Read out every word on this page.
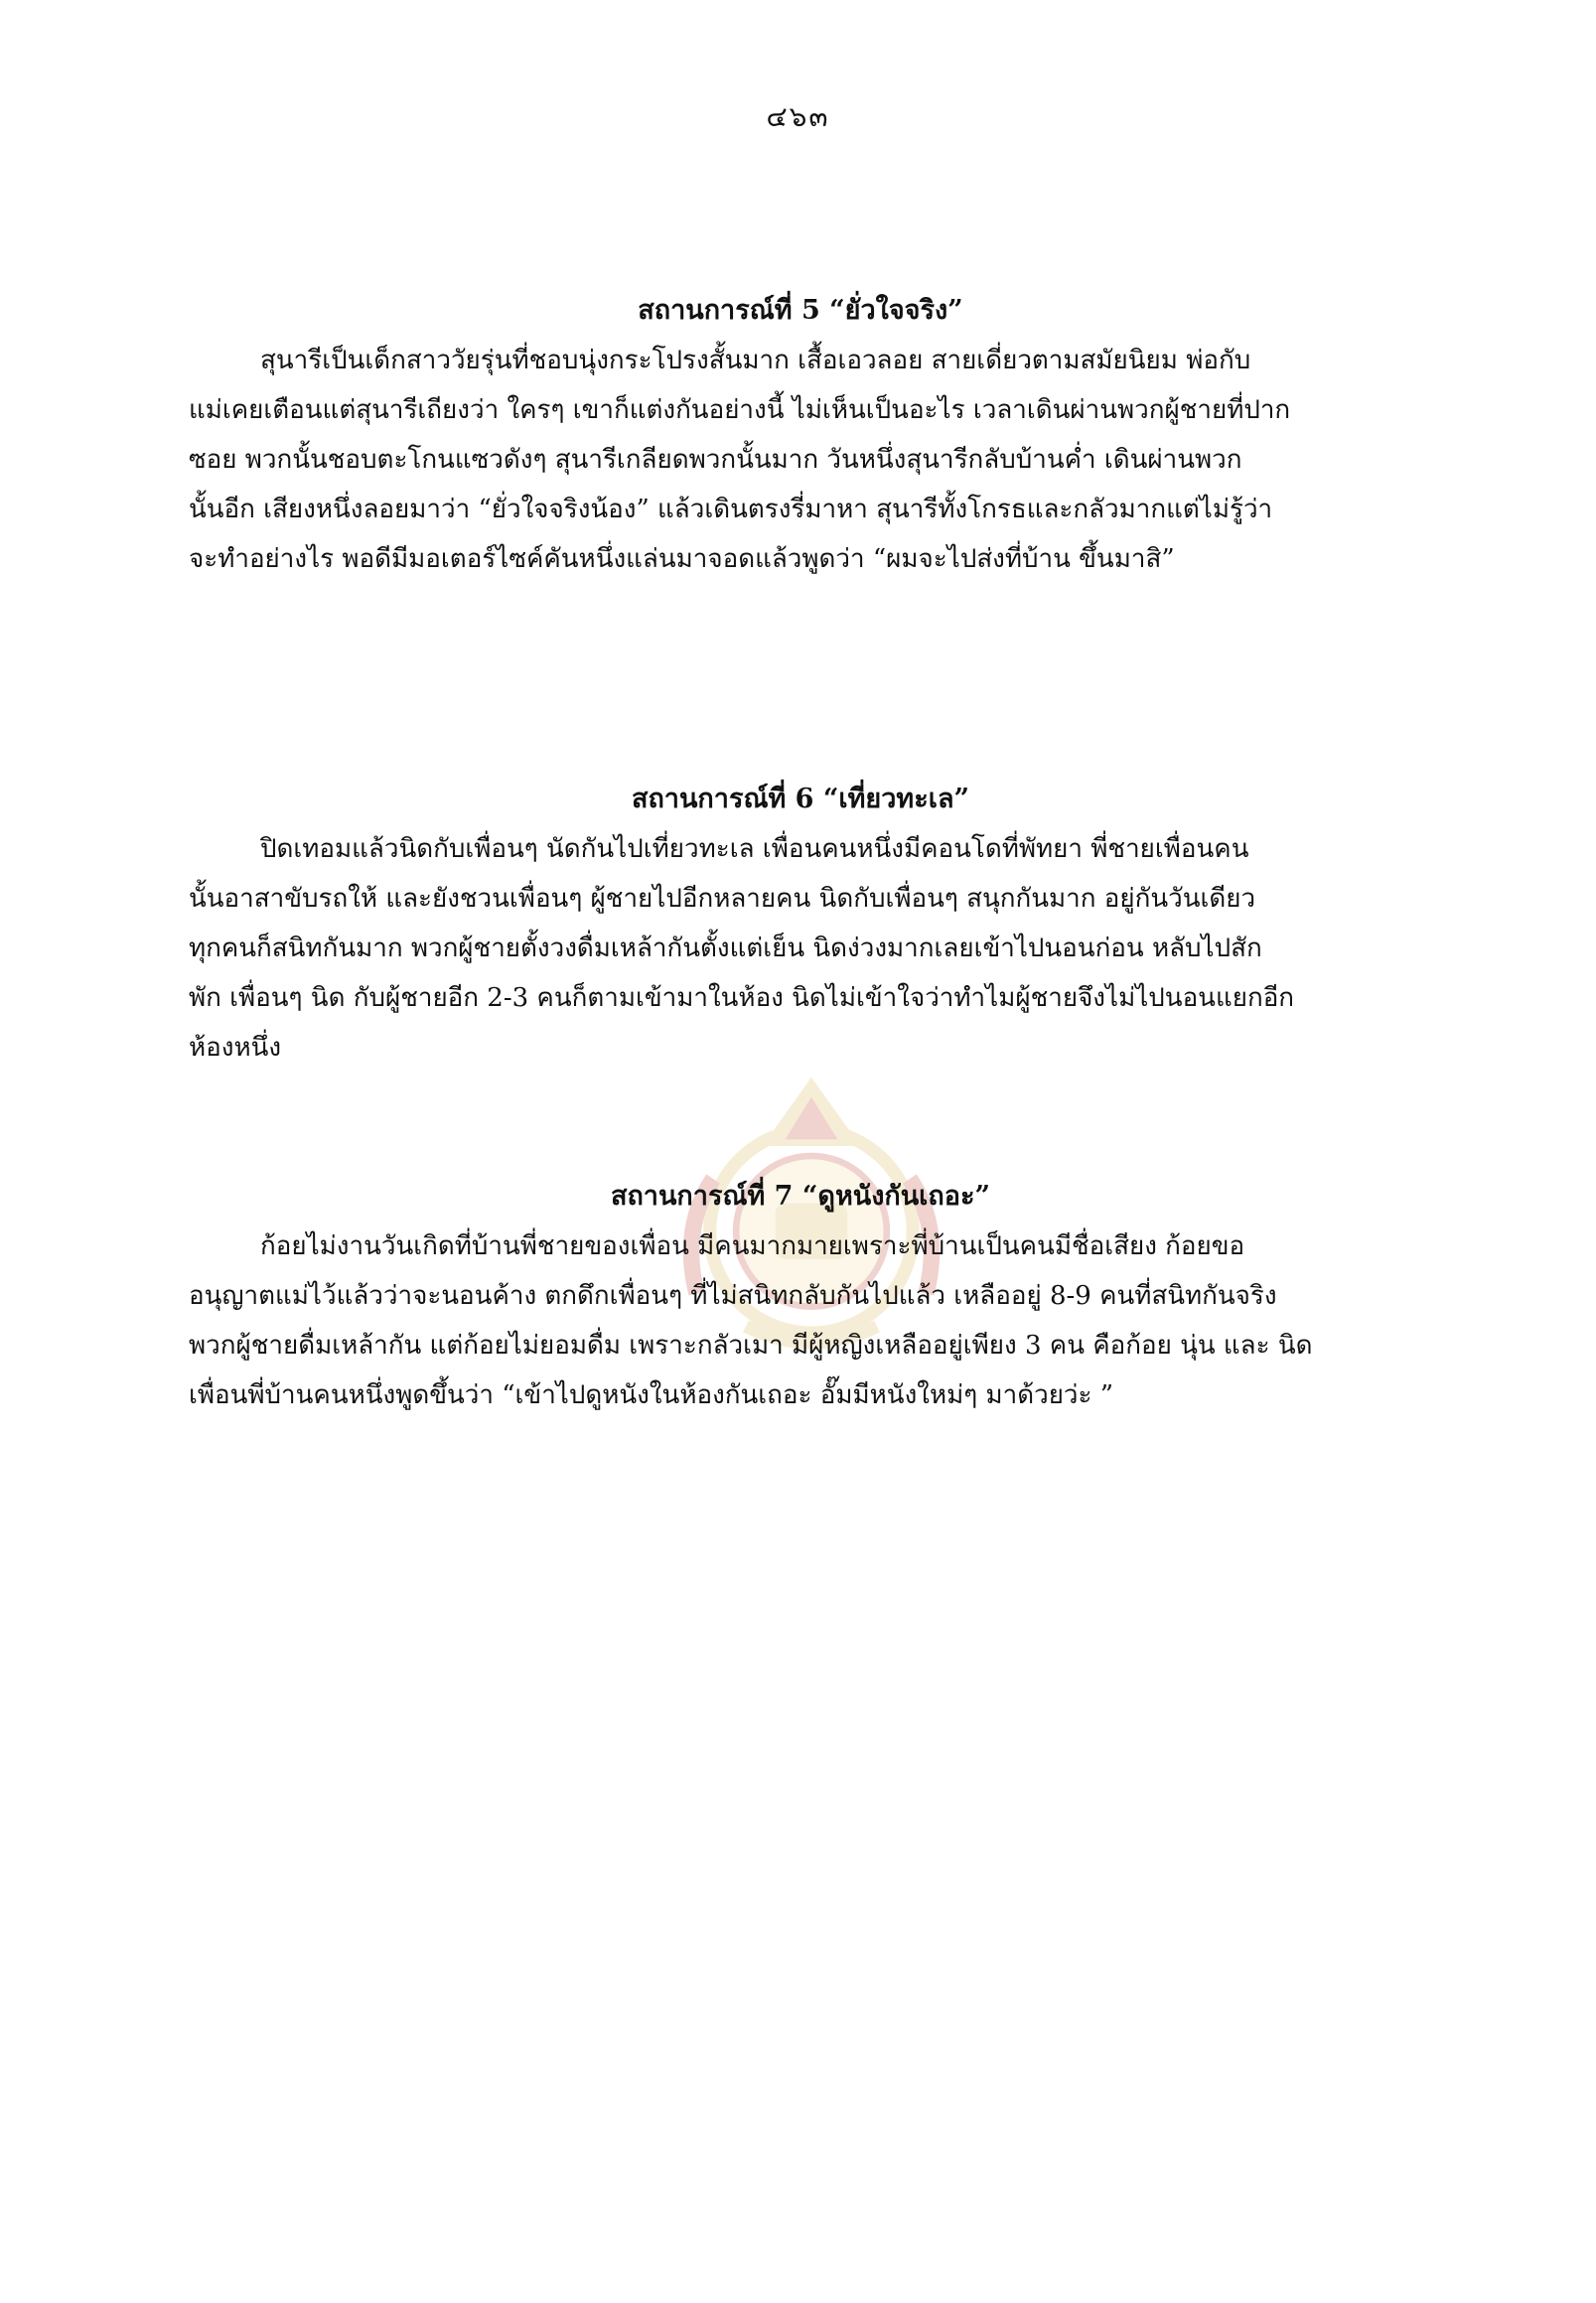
๔๖๓
สถานการณ์ที่ 5 “ยั่วใจจริง”

สุนารีเป็นเด็กสาววัยรุ่นที่ชอบนุ่งกระโปรงสั้นมาก เสื้อเอวลอย สายเดี่ยวตามสมัยนิยม พ่อกับ
แม่เคยเตือนแต่สุนารีเถียงว่า ใครๆ เขาก็แต่งกันอย่างนี้ ไม่เห็นเป็นอะไร เวลาเดินผ่านพวกผู้ชายที่ปาก
ซอย พวกนั้นชอบตะโกนแซวดังๆ สุนารีเกลียดพวกนั้นมาก วันหนึ่งสุนารีกลับบ้านค่ำ เดินผ่านพวก
นั้นอีก เสียงหนึ่งลอยมาว่า “ยั่วใจจริงน้อง” แล้วเดินตรงรี่มาหา สุนารีทั้งโกรธและกลัวมากแต่ไม่รู้ว่า
จะทำอย่างไร พอดีมีมอเตอร์ไซค์คันหนึ่งแล่นมาจอดแล้วพูดว่า “ผมจะไปส่งที่บ้าน ขึ้นมาสิ”

สถานการณ์ที่ 6 “เที่ยวทะเล”

ปิดเทอมแล้วนิดกับเพื่อนๆ นัดกันไปเที่ยวทะเล เพื่อนคนหนึ่งมีคอนโดที่พัทยา พี่ชายเพื่อนคน
นั้นอาสาขับรถให้ และยังชวนเพื่อนๆ ผู้ชายไปอีกหลายคน นิดกับเพื่อนๆ สนุกกันมาก อยู่กันวันเดียว
ทุกคนก็สนิทกันมาก พวกผู้ชายตั้งวงดื่มเหล้ากันตั้งแต่เย็น นิดง่วงมากเลยเข้าไปนอนก่อน หลับไปสัก
พัก เพื่อนๆ นิด กับผู้ชายอีก 2-3 คนก็ตามเข้ามาในห้อง นิดไม่เข้าใจว่าทำไมผู้ชายจึงไม่ไปนอนแยกอีก
ห้องหนึ่ง

สถานการณ์ที่ 7 “ดูหนังกันเถอะ”

ก้อยไม่งานวันเกิดที่บ้านพี่ชายของเพื่อน มีคนมากมายเพราะพี่บ้านเป็นคนมีชื่อเสียง ก้อยขอ
อนุญาตแม่ไว้แล้วว่าจะนอนค้าง ตกดึกเพื่อนๆ ที่ไม่สนิทกลับกันไปแล้ว เหลืออยู่ 8-9 คนที่สนิทกันจริง
พวกผู้ชายดื่มเหล้ากัน แต่ก้อยไม่ยอมดื่ม เพราะกลัวเมา มีผู้หญิงเหลืออยู่เพียง 3 คน คือก้อย นุ่น และ นิด
เพื่อนพี่บ้านคนหนึ่งพูดขึ้นว่า “เข้าไปดูหนังในห้องกันเถอะ อั๊มมีหนังใหม่ๆ มาด้วยว่ะ ”
